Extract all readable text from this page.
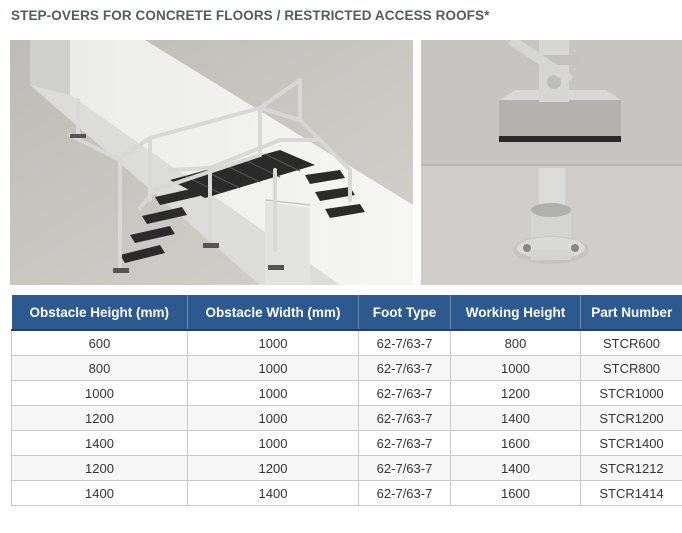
STEP-OVERS FOR CONCRETE FLOORS / RESTRICTED ACCESS ROOFS*
Obstacle Height (mm)	Obstacle Width (mm)	Foot Type	Working Height	Part Number
600	1000	62-7/63-7	800	STCR600
800	1000	62-7/63-7	1000	STCR800
1000	1000	62-7/63-7	1200	STCR1000
1200	1000	62-7/63-7	1400	STCR1200
1400	1000	62-7/63-7	1600	STCR1400
1200	1200	62-7/63-7	1400	STCR1212
1400	1400	62-7/63-7	1600	STCR1414
